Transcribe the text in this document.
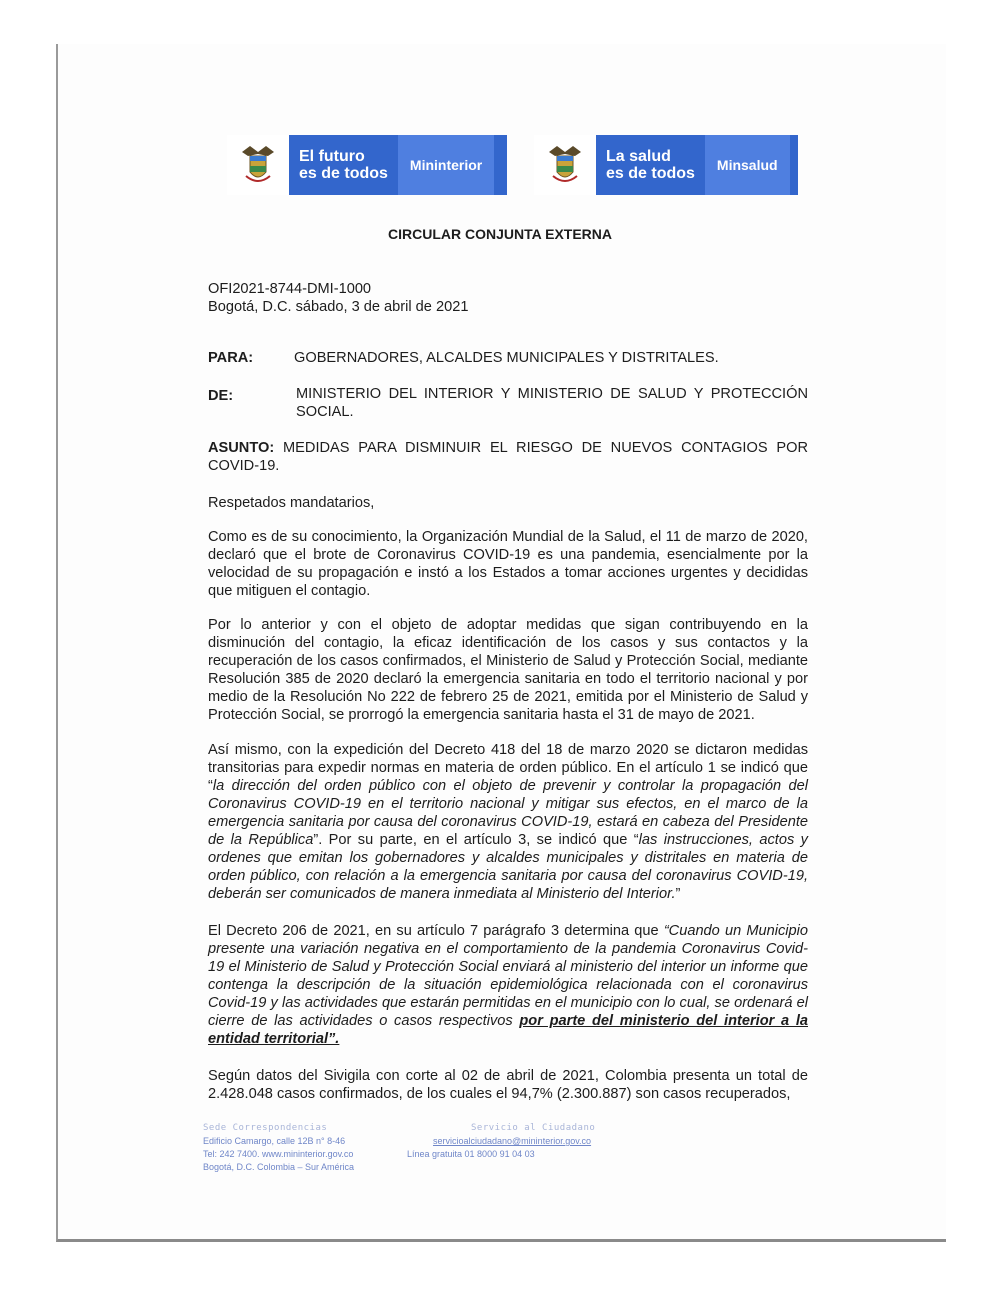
El futuro
es de todos	Mininterior	La salud
es de todos	Minsalud
CIRCULAR CONJUNTA EXTERNA
OFI2021-8744-DMI-1000
Bogotá, D.C. sábado, 3 de abril de 2021
PARA:	GOBERNADORES, ALCALDES MUNICIPALES Y DISTRITALES.
DE:	MINISTERIO DEL INTERIOR Y MINISTERIO DE SALUD Y PROTECCIÓN SOCIAL.
ASUNTO: MEDIDAS PARA DISMINUIR EL RIESGO DE NUEVOS CONTAGIOS POR COVID-19.
Respetados mandatarios,
Como es de su conocimiento, la Organización Mundial de la Salud, el 11 de marzo de 2020, declaró que el brote de Coronavirus COVID-19 es una pandemia, esencialmente por la velocidad de su propagación e instó a los Estados a tomar acciones urgentes y decididas que mitiguen el contagio.
Por lo anterior y con el objeto de adoptar medidas que sigan contribuyendo en la disminución del contagio, la eficaz identificación de los casos y sus contactos y la recuperación de los casos confirmados, el Ministerio de Salud y Protección Social, mediante Resolución 385 de 2020 declaró la emergencia sanitaria en todo el territorio nacional y por medio de la Resolución No 222 de febrero 25 de 2021, emitida por el Ministerio de Salud y Protección Social, se prorrogó la emergencia sanitaria hasta el 31 de mayo de 2021.
Así mismo, con la expedición del Decreto 418 del 18 de marzo 2020 se dictaron medidas transitorias para expedir normas en materia de orden público. En el artículo 1 se indicó que “la dirección del orden público con el objeto de prevenir y controlar la propagación del Coronavirus COVID-19 en el territorio nacional y mitigar sus efectos, en el marco de la emergencia sanitaria por causa del coronavirus COVID-19, estará en cabeza del Presidente de la República”. Por su parte, en el artículo 3, se indicó que “las instrucciones, actos y ordenes que emitan los gobernadores y alcaldes municipales y distritales en materia de orden público, con relación a la emergencia sanitaria por causa del coronavirus COVID-19, deberán ser comunicados de manera inmediata al Ministerio del Interior.”
El Decreto 206 de 2021, en su artículo 7 parágrafo 3 determina que “Cuando un Municipio presente una variación negativa en el comportamiento de la pandemia Coronavirus Covid-19 el Ministerio de Salud y Protección Social enviará al ministerio del interior un informe que contenga la descripción de la situación epidemiológica relacionada con el coronavirus Covid-19 y las actividades que estarán permitidas en el municipio con lo cual, se ordenará el cierre de las actividades o casos respectivos por parte del ministerio del interior a la entidad territorial”.
Según datos del Sivigila con corte al 02 de abril de 2021, Colombia presenta un total de 2.428.048 casos confirmados, de los cuales el 94,7% (2.300.887) son casos recuperados,
Sede Correspondencias
Edificio Camargo, calle 12B n° 8-46
Tel: 242 7400. www.mininterior.gov.co
Bogotá, D.C. Colombia – Sur América
Servicio al Ciudadano
servicioalciudadano@mininterior.gov.co
Línea gratuita 01 8000 91 04 03
